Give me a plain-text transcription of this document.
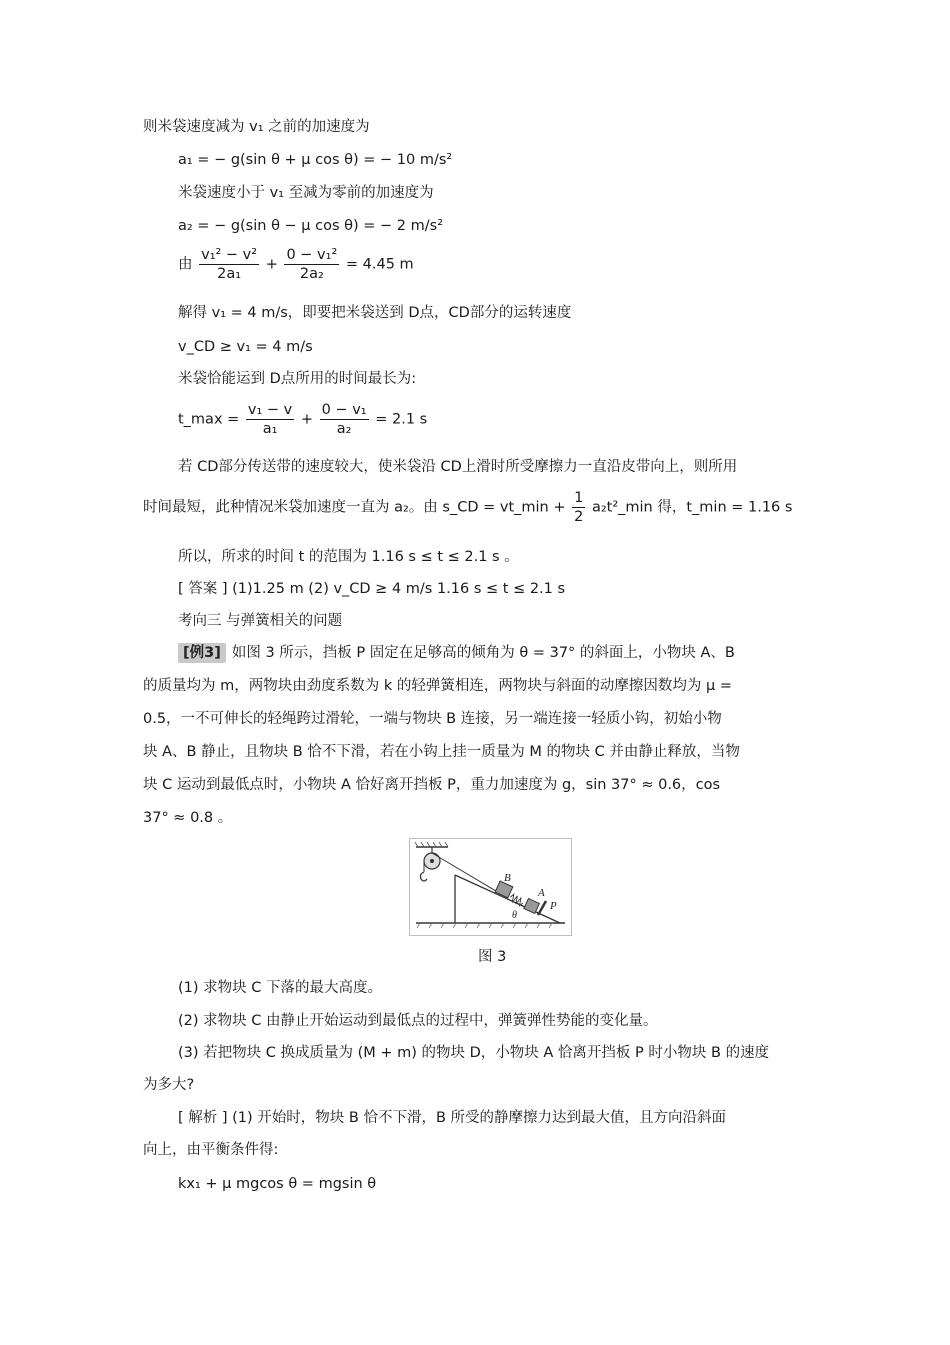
则米袋速度减为 v₁ 之前的加速度为
a₁ = − g(sin θ + μ cos θ) = − 10 m/s²
米袋速度小于 v₁ 至减为零前的加速度为
a₂ = − g(sin θ − μ cos θ) = − 2 m/s²
由 $\frac{\text{v₁² − v²}}{\text{2a₁}} + \frac{\text{0 − v₁²}}{\text{2a₂}} = 4.45$ m
解得 v₁ = 4 m/s，即要把米袋送到 D点，CD部分的运转速度
v_CD ≥ v₁ = 4 m/s
米袋恰能运到 D点所用的时间最长为:
t_max = $\frac{\text{v₁ − v}}{\text{a₁}} + \frac{\text{0 − v₁}}{\text{a₂}} = 2.1$ s
若 CD部分传送带的速度较大，使米袋沿 CD上滑时所受摩擦力一直沿皮带向上，则所用
时间最短，此种情况米袋加速度一直为 a₂。由 s_CD = vt_min + $\frac{1}{2}$ a₂t²_min 得，t_min = 1.16 s
所以，所求的时间 t 的范围为 1.16 s ≤ t ≤ 2.1 s 。
[ 答案 ] (1)1.25 m (2) v_CD ≥ 4 m/s 1.16 s ≤ t ≤ 2.1 s
考向三 与弹簧相关的问题
[例3] 如图 3 所示，挡板 P 固定在足够高的倾角为 θ = 37° 的斜面上，小物块 A、B
的质量均为 m，两物块由劲度系数为 k 的轻弹簧相连，两物块与斜面的动摩擦因数均为 μ =
0.5，一不可伸长的轻绳跨过滑轮，一端与物块 B 连接，另一端连接一轻质小钩，初始小物
块 A、B 静止，且物块 B 恰不下滑，若在小钩上挂一质量为 M 的物块 C 并由静止释放，当物
块 C 运动到最低点时，小物块 A 恰好离开挡板 P，重力加速度为 g，sin 37° ≈ 0.6，cos
37° ≈ 0.8 。
B
A
P
θ
图 3
(1) 求物块 C 下落的最大高度。
(2) 求物块 C 由静止开始运动到最低点的过程中，弹簧弹性势能的变化量。
(3) 若把物块 C 换成质量为 (M + m) 的物块 D，小物块 A 恰离开挡板 P 时小物块 B 的速度
为多大?
[ 解析 ] (1) 开始时，物块 B 恰不下滑，B 所受的静摩擦力达到最大值，且方向沿斜面
向上，由平衡条件得:
kx₁ + μ mgcos θ = mgsin θ
